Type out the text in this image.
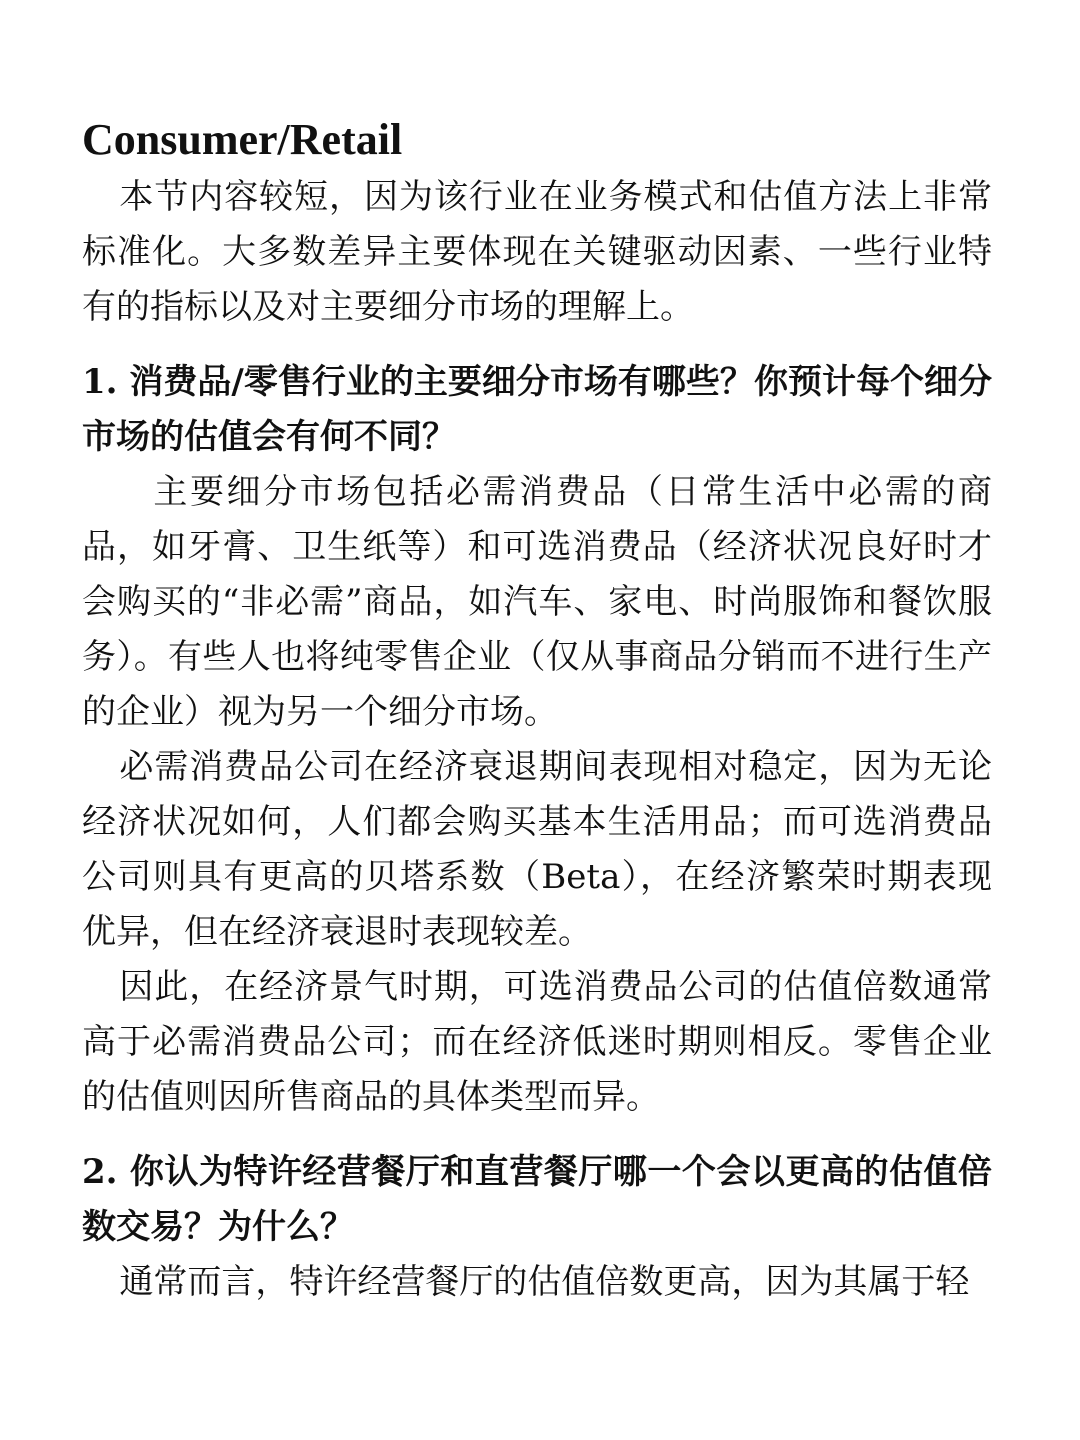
Consumer/Retail

本节内容较短，因为该行业在业务模式和估值方法上非常标准化。大多数差异主要体现在关键驱动因素、一些行业特有的指标以及对主要细分市场的理解上。

1. 消费品/零售行业的主要细分市场有哪些？你预计每个细分市场的估值会有何不同？

主要细分市场包括必需消费品（日常生活中必需的商品，如牙膏、卫生纸等）和可选消费品（经济状况良好时才会购买的“非必需”商品，如汽车、家电、时尚服饰和餐饮服务）。有些人也将纯零售企业（仅从事商品分销而不进行生产的企业）视为另一个细分市场。

必需消费品公司在经济衰退期间表现相对稳定，因为无论经济状况如何，人们都会购买基本生活用品；而可选消费品公司则具有更高的贝塔系数（Beta），在经济繁荣时期表现优异，但在经济衰退时表现较差。

因此，在经济景气时期，可选消费品公司的估值倍数通常高于必需消费品公司；而在经济低迷时期则相反。零售企业的估值则因所售商品的具体类型而异。

2. 你认为特许经营餐厅和直营餐厅哪一个会以更高的估值倍数交易？为什么？

通常而言，特许经营餐厅的估值倍数更高，因为其属于轻
